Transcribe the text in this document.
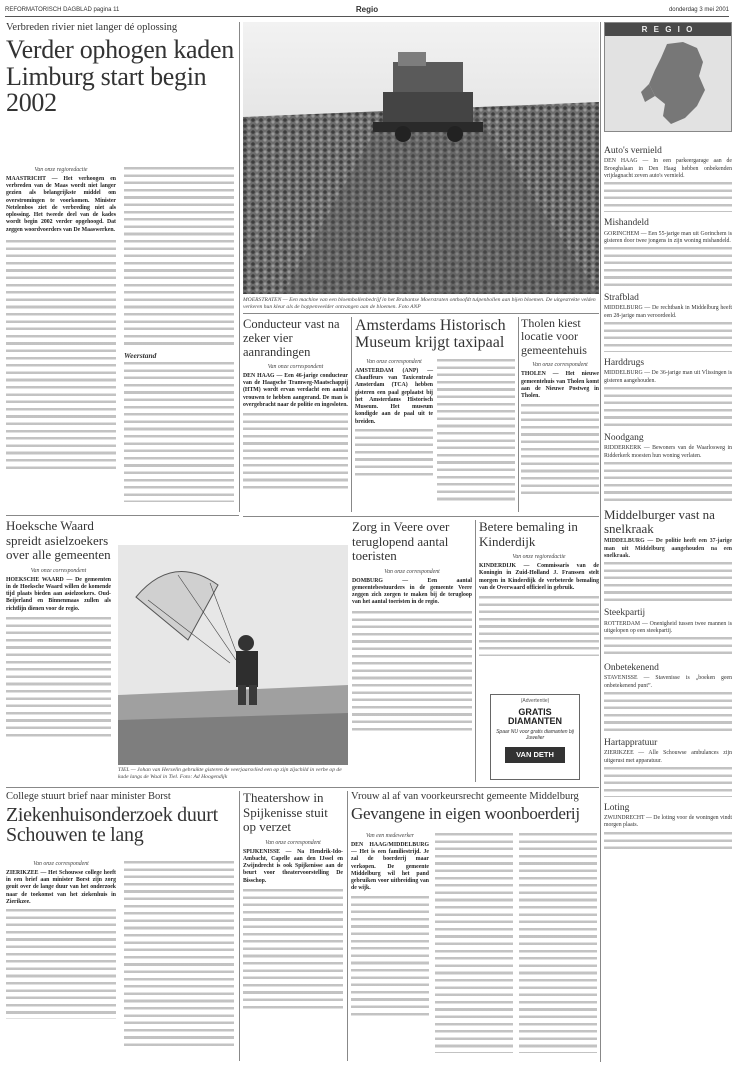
REFORMATORISCH DAGBLAD pagina 11	Regio	donderdag 3 mei 2001
Verbreden rivier niet langer dé oplossing
Verder ophogen kaden Limburg start begin 2002
Van onze regioredactie
MAASTRICHT — Het verhoogen en verbreden van de Maas wordt niet langer gezien als belangrijkste middel om overstromingen te voorkomen. Minister Netelenbos ziet de verbreding niet als oplossing. Het tweede deel van de kades wordt begin 2002 verder opgehoogd. Dat zeggen woordvoerders van De Maaswerken.
Weerstand
MOERSTRATEN — Een machine van een bloembollenbedrijf in het Brabantse Moerstraten onthoofdt tulpenbollen aan bijen bloemen. De uitgestrekte velden verkeren hun kleur als de hoppenveelder ontvangen aan de bloemen. Foto ANP
Conducteur vast na zeker vier aanrandingen
Van onze correspondent
DEN HAAG — Een 46-jarige conducteur van de Haagsche Tramweg-Maatschappij (HTM) wordt ervan verdacht een aantal vrouwen te hebben aangerand. De man is overgebracht naar de politie en ingesloten.
Amsterdams Historisch Museum krijgt taxipaal
Van onze correspondent
AMSTERDAM (ANP) — Chauffeurs van Taxicentrale Amsterdam (TCA) hebben gisteren een paal geplaatst bij het Amsterdams Historisch Museum. Het museum kondigde aan de paal uit te breiden.
Tholen kiest locatie voor gemeentehuis
Van onze correspondent
THOLEN — Het nieuwe gemeentehuis van Tholen komt aan de Nieuwe Postweg in Tholen.
Hoeksche Waard spreidt asielzoekers over alle gemeenten
Van onze correspondent
HOEKSCHE WAARD — De gemeenten in de Hoeksche Waard willen de komende tijd plaats bieden aan asielzoekers. Oud-Beijerland en Binnenmaas zullen als richtlijn dienen voor de regio.
TIEL — Johan van Herselin gebruikte gisteren de veerjaarsvlied een op zijn zijschild in verbe op de kade langs de Waal in Tiel. Foto: Ad Hoogendijk
Zorg in Veere over teruglopend aantal toeristen
Van onze correspondent
DOMBURG — Een aantal gemeentebestuurders in de gemeente Veere zeggen zich zorgen te maken bij de terugloop van het aantal toeristen in de regio.
Betere bemaling in Kinderdijk
Van onze regioredactie
KINDERDIJK — Commissaris van de Koningin in Zuid-Holland J. Franssen stelt morgen in Kinderdijk de verbeterde bemaling van de Overwaard officieel in gebruik.
(Advertentie)
GRATIS DIAMANTEN
Spaar NU voor gratis diamanten bij Juwelier
VAN DETH
College stuurt brief naar minister Borst
Ziekenhuisonderzoek duurt Schouwen te lang
Van onze correspondent
ZIERIKZEE — Het Schouwse college heeft in een brief aan minister Borst zijn zorg geuit over de lange duur van het onderzoek naar de toekomst van het ziekenhuis in Zierikzee.
Theatershow in Spijkenisse stuit op verzet
Van onze correspondent
SPIJKENISSE — Na Hendrik-Ido-Ambacht, Capelle aan den IJssel en Zwijndrecht is ook Spijkenisse aan de beurt voor theatervoorstelling De Bisschop.
Vrouw al af van voorkeursrecht gemeente Middelburg
Gevangene in eigen woonboerderij
Van een medewerker
DEN HAAG/MIDDELBURG — Het is een familiestrijd. Je zal de boerderij maar verkopen. De gemeente Middelburg wil het pand gebruiken voor uitbreiding van de wijk.
R E G I O
Auto's vernield
DEN HAAG — In een parkeergarage aan de Broeghslaan in Den Haag hebben onbekenden vrijdagnacht zeven auto's vernield.
Mishandeld
GORINCHEM — Een 55-jarige man uit Gorinchem is gisteren door twee jongens in zijn woning mishandeld.
Strafblad
MIDDELBURG — De rechtbank in Middelburg heeft een 28-jarige man veroordeeld.
Harddrugs
MIDDELBURG — De 36-jarige man uit Vlissingen is gisteren aangehouden.
Noodgang
RIDDERKERK — Bewoners van de Waarlosweg in Ridderkerk moesten hun woning verlaten.
Middelburger vast na snelkraak
MIDDELBURG — De politie heeft een 37-jarige man uit Middelburg aangehouden na een snelkraak.
Steekpartij
ROTTERDAM — Onenigheid tussen twee mannen is uitgelopen op een steekpartij.
Onbetekenend
STAVENISSE — Stavenisse is „boeken geen onbetekenend punt”.
Hartappratuur
ZIERIKZEE — Alle Schouwse ambulances zijn uitgerust met apparatuur.
Loting
ZWIJNDRECHT — De loting voor de woningen vindt morgen plaats.
